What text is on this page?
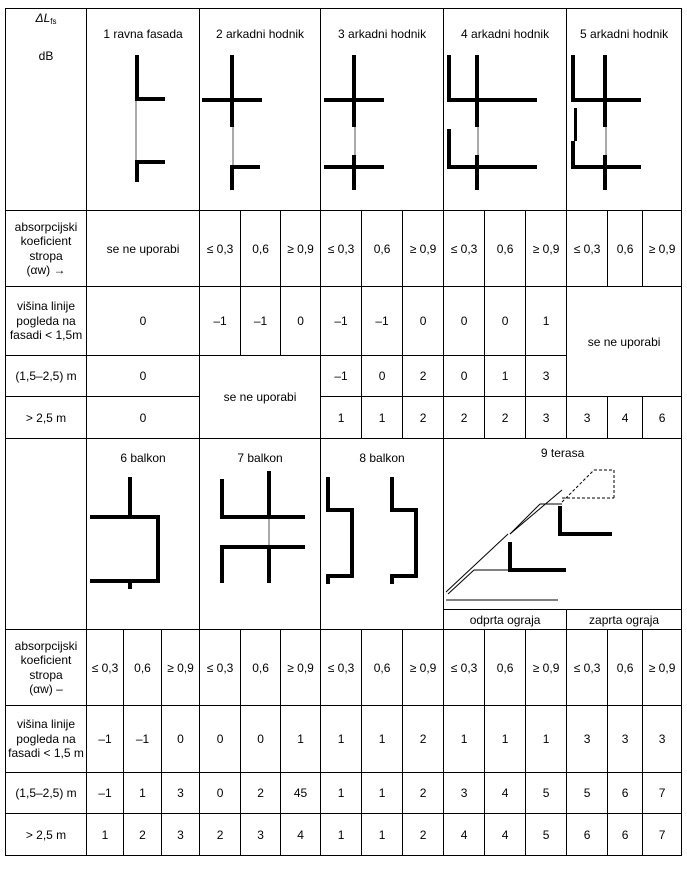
ΔLfs
dB	1 ravna fasada			2 arkadni hodnik			3 arkadni hodnik			4 arkadni hodnik			5 arkadni hodnik		

absorpcijski koeficient stropa
(αw) →	se ne uporabi			≤ 0,3	0,6	≥ 0,9	≤ 0,3	0,6	≥ 0,9	≤ 0,3	0,6	≥ 0,9	≤ 0,3	0,6	≥ 0,9
višina linije pogleda na fasadi < 1,5m	0			–1	–1	0	–1	–1	0	0	0	1	se ne uporabi		
(1,5–2,5) m	0			se ne uporabi			–1	0	2	0	1	3			
> 2,5 m	0						1	1	2	2	2	3	3	4	6

	6 balkon			7 balkon			8 balkon			9 terasa					

										odprta ograja			zaprta ograja		

absorpcijski koeficient stropa
(αw) ‒	≤ 0,3	0,6	≥ 0,9	≤ 0,3	0,6	≥ 0,9	≤ 0,3	0,6	≥ 0,9	≤ 0,3	0,6	≥ 0,9	≤ 0,3	0,6	≥ 0,9
višina linije pogleda na fasadi < 1,5 m	–1	–1	0	0	0	1	1	1	2	1	1	1	3	3	3
(1,5–2,5) m	–1	1	3	0	2	45	1	1	2	3	4	5	5	6	7
> 2,5 m	1	2	3	2	3	4	1	1	2	4	4	5	6	6	7
